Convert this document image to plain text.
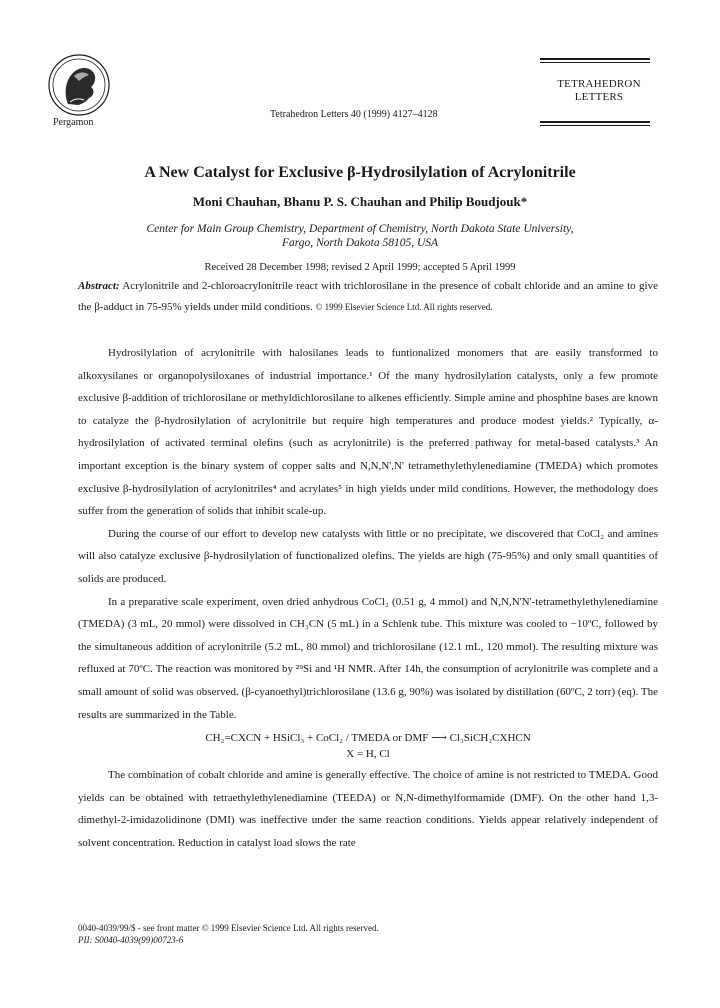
Pergamon
Tetrahedron Letters 40 (1999) 4127–4128
TETRAHEDRON
LETTERS
A New Catalyst for Exclusive β-Hydrosilylation of Acrylonitrile
Moni Chauhan, Bhanu P. S. Chauhan and Philip Boudjouk*
Center for Main Group Chemistry, Department of Chemistry, North Dakota State University,
Fargo, North Dakota 58105, USA
Received 28 December 1998; revised 2 April 1999; accepted 5 April 1999
Abstract: Acrylonitrile and 2-chloroacrylonitrile react with trichlorosilane in the presence of cobalt chloride and an amine to give the β-adduct in 75-95% yields under mild conditions. © 1999 Elsevier Science Ltd. All rights reserved.

Hydrosilylation of acrylonitrile with halosilanes leads to funtionalized monomers that are easily transformed to alkoxysilanes or organopolysiloxanes of industrial importance.¹ Of the many hydrosilylation catalysts, only a few promote exclusive β-addition of trichlorosilane or methyldichlorosilane to alkenes efficiently. Simple amine and phosphine bases are known to catalyze the β-hydrosilylation of acrylonitrile but require high temperatures and produce modest yields.² Typically, α-hydrosilylation of activated terminal olefins (such as acrylonitrile) is the preferred pathway for metal-based catalysts.³ An important exception is the binary system of copper salts and N,N,N',N' tetramethylethylenediamine (TMEDA) which promotes exclusive β-hydrosilylation of acrylonitriles⁴ and acrylates⁵ in high yields under mild conditions. However, the methodology does suffer from the generation of solids that inhibit scale-up.

During the course of our effort to develop new catalysts with little or no precipitate, we discovered that CoCl₂ and amines will also catalyze exclusive β-hydrosilylation of functionalized olefins. The yields are high (75-95%) and only small quantities of solids are produced.

In a preparative scale experiment, oven dried anhydrous CoCl₂ (0.51 g, 4 mmol) and N,N,N'N'-tetramethylethylenediamine (TMEDA) (3 mL, 20 mmol) were dissolved in CH₃CN (5 mL) in a Schlenk tube. This mixture was cooled to −10ºC, followed by the simultaneous addition of acrylonitrile (5.2 mL, 80 mmol) and trichlorosilane (12.1 mL, 120 mmol). The resulting mixture was refluxed at 70ºC. The reaction was monitored by ²⁹Si and ¹H NMR. After 14h, the consumption of acrylonitrile was complete and a small amount of solid was observed. (β-cyanoethyl)trichlorosilane (13.6 g, 90%) was isolated by distillation (60ºC, 2 torr) (eq). The results are summarized in the Table.

CH₂=CXCN + HSiCl₃ + CoCl₂ / TMEDA or DMF ⟶ Cl₃SiCH₂CXHCN
X = H, Cl

The combination of cobalt chloride and amine is generally effective. The choice of amine is not restricted to TMEDA. Good yields can be obtained with tetraethylethylenediamine (TEEDA) or N,N-dimethylformamide (DMF). On the other hand 1,3-dimethyl-2-imidazolidinone (DMI) was ineffective under the same reaction conditions. Yields appear relatively independent of solvent concentration. Reduction in catalyst load slows the rate

0040-4039/99/$ - see front matter © 1999 Elsevier Science Ltd. All rights reserved.
PII: S0040-4039(99)00723-6
